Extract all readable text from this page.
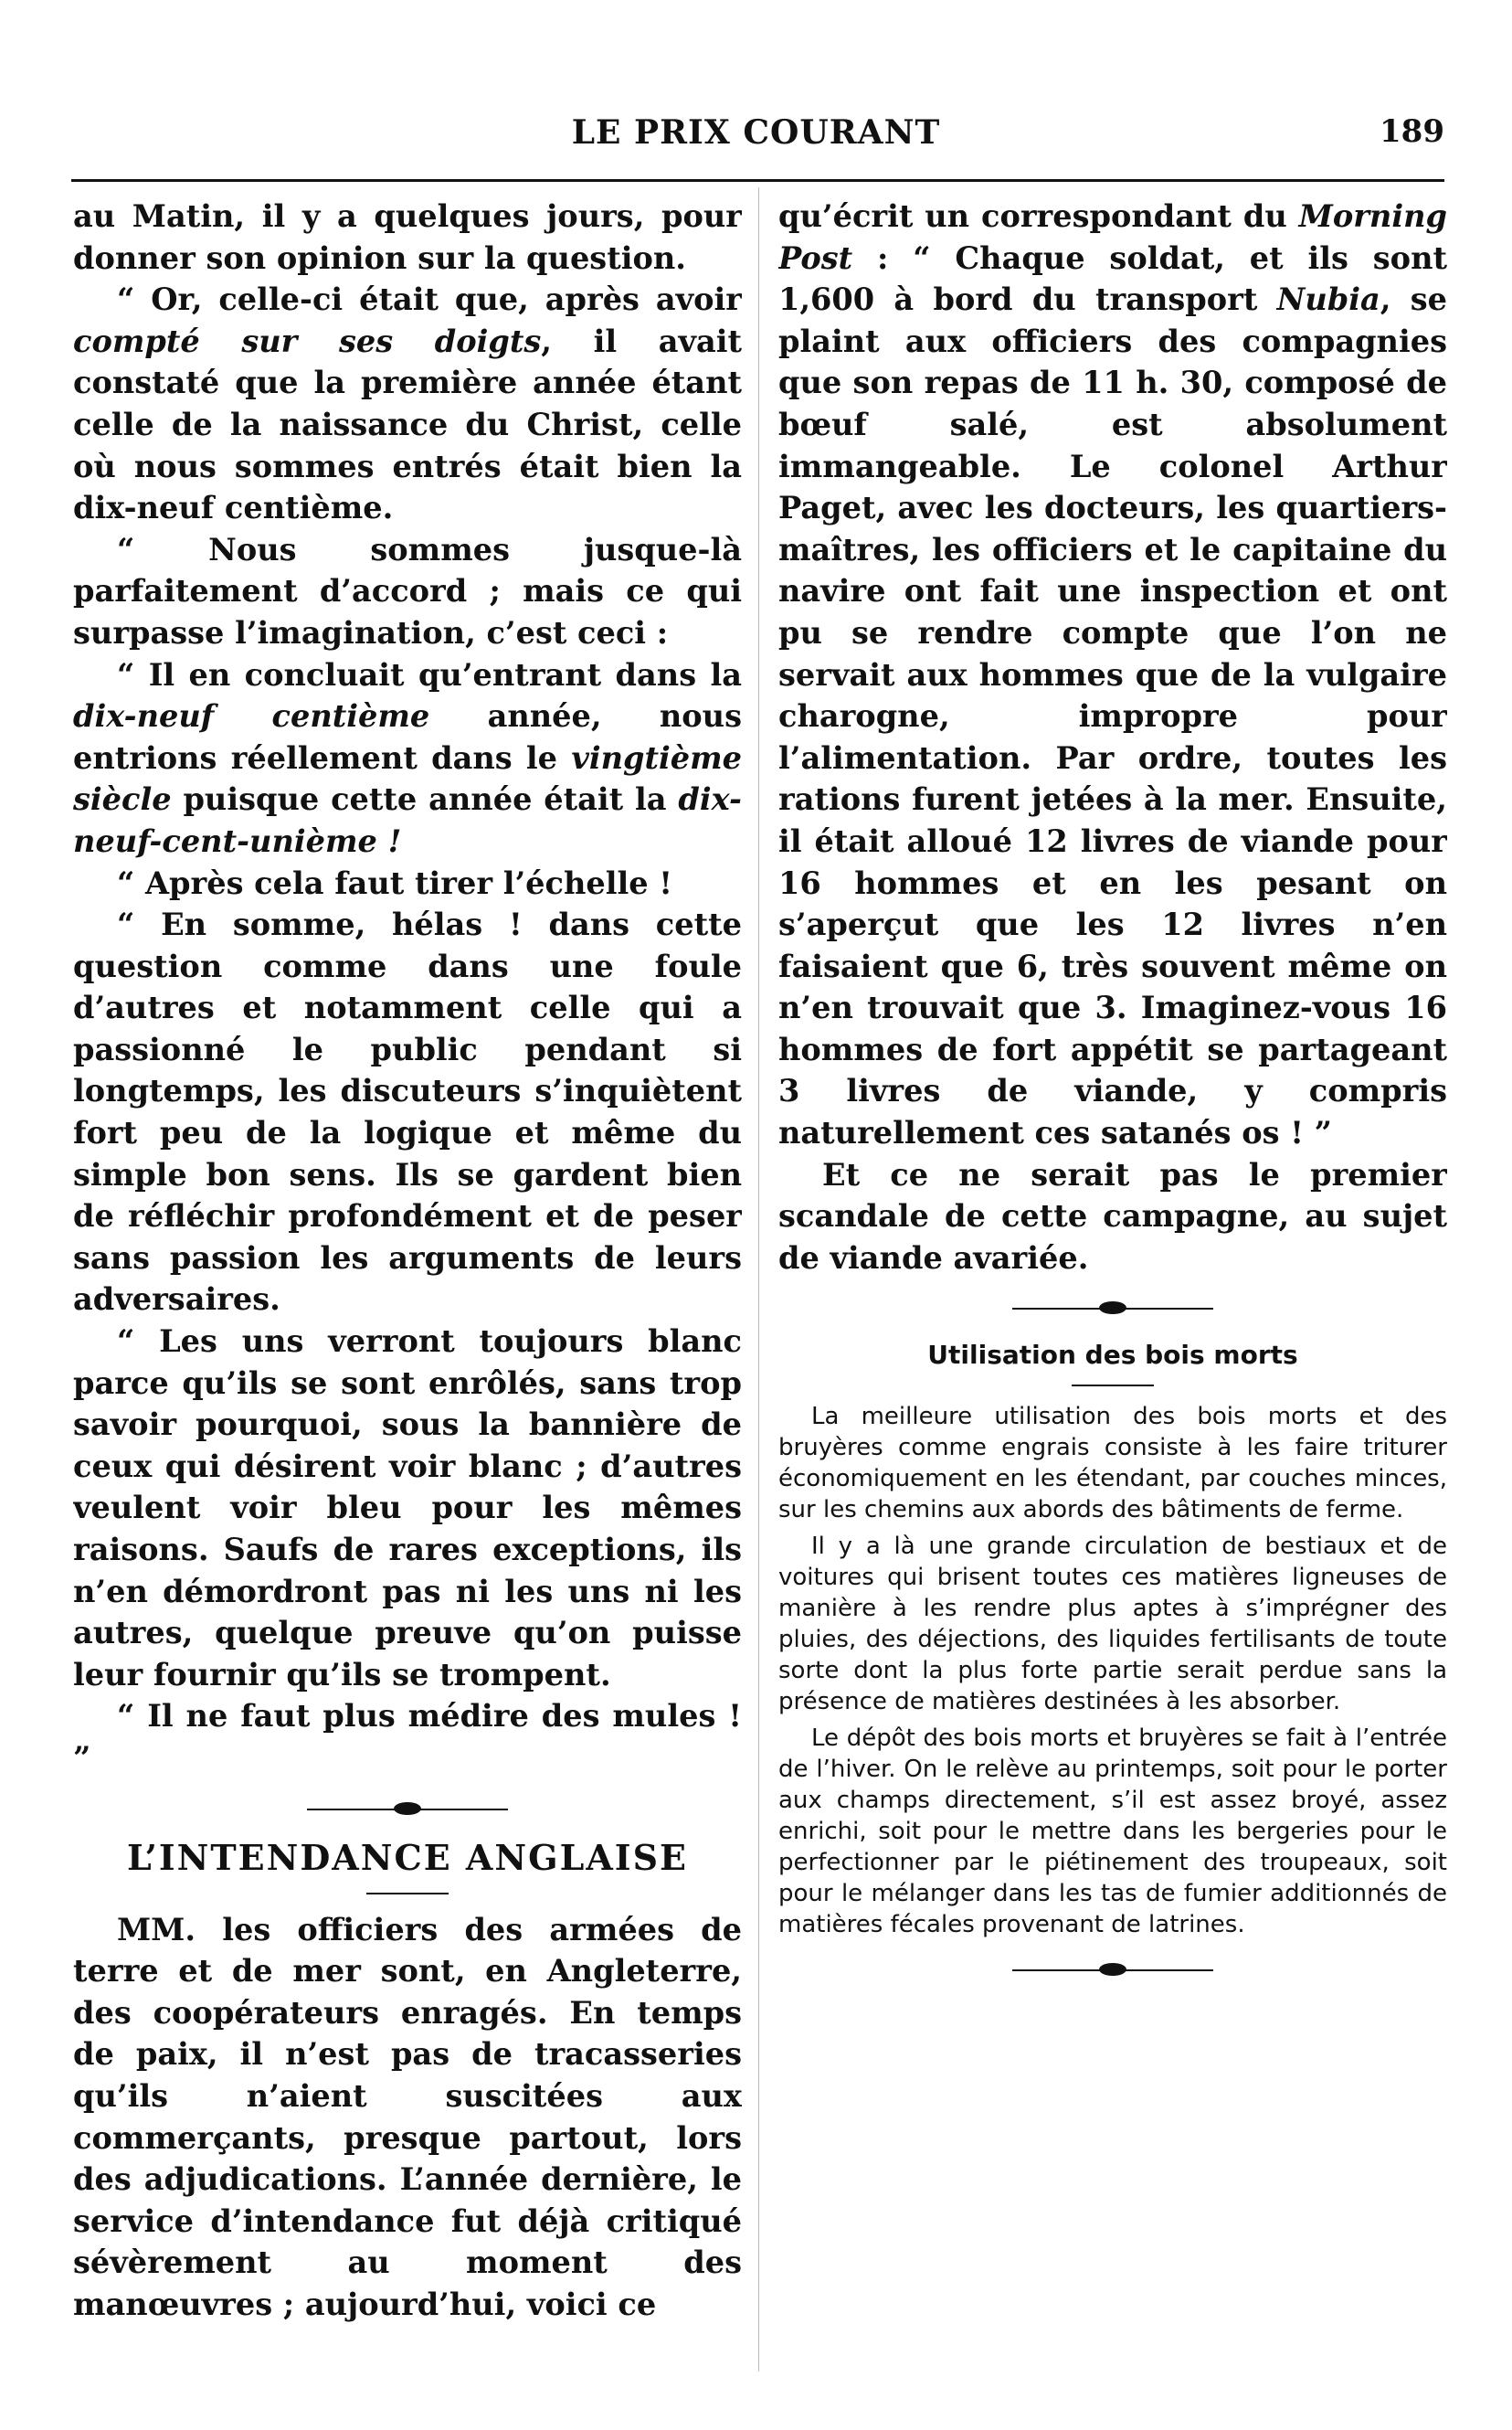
LE PRIX COURANT	189

au Matin, il y a quelques jours, pour donner son opinion sur la question.

“ Or, celle-ci était que, après avoir compté sur ses doigts, il avait constaté que la première année étant celle de la naissance du Christ, celle où nous sommes entrés était bien la dix-neuf centième.

“ Nous sommes jusque-là parfaitement d’accord ; mais ce qui surpasse l’imagination, c’est ceci :

“ Il en concluait qu’entrant dans la dix-neuf centième année, nous entrions réellement dans le vingtième siècle puisque cette année était la dix-neuf-cent-unième !

“ Après cela faut tirer l’échelle !

“ En somme, hélas ! dans cette question comme dans une foule d’autres et notamment celle qui a passionné le public pendant si longtemps, les discuteurs s’inquiètent fort peu de la logique et même du simple bon sens. Ils se gardent bien de réfléchir profondément et de peser sans passion les arguments de leurs adversaires.

“ Les uns verront toujours blanc parce qu’ils se sont enrôlés, sans trop savoir pourquoi, sous la bannière de ceux qui désirent voir blanc ; d’autres veulent voir bleu pour les mêmes raisons. Saufs de rares exceptions, ils n’en démordront pas ni les uns ni les autres, quelque preuve qu’on puisse leur fournir qu’ils se trompent.

“ Il ne faut plus médire des mules ! ”

L’INTENDANCE ANGLAISE

MM. les officiers des armées de terre et de mer sont, en Angleterre, des coopérateurs enragés. En temps de paix, il n’est pas de tracasseries qu’ils n’aient suscitées aux commerçants, presque partout, lors des adjudications. L’année dernière, le service d’intendance fut déjà critiqué sévèrement au moment des manœuvres ; aujourd’hui, voici ce

qu’écrit un correspondant du Morning Post : “ Chaque soldat, et ils sont 1,600 à bord du transport Nubia, se plaint aux officiers des compagnies que son repas de 11 h. 30, composé de bœuf salé, est absolument immangeable. Le colonel Arthur Paget, avec les docteurs, les quartiers-maîtres, les officiers et le capitaine du navire ont fait une inspection et ont pu se rendre compte que l’on ne servait aux hommes que de la vulgaire charogne, impropre pour l’alimentation. Par ordre, toutes les rations furent jetées à la mer. Ensuite, il était alloué 12 livres de viande pour 16 hommes et en les pesant on s’aperçut que les 12 livres n’en faisaient que 6, très souvent même on n’en trouvait que 3. Imaginez-vous 16 hommes de fort appétit se partageant 3 livres de viande, y compris naturellement ces satanés os ! ”

Et ce ne serait pas le premier scandale de cette campagne, au sujet de viande avariée.

Utilisation des bois morts

La meilleure utilisation des bois morts et des bruyères comme engrais consiste à les faire triturer économiquement en les étendant, par couches minces, sur les chemins aux abords des bâtiments de ferme.

Il y a là une grande circulation de bestiaux et de voitures qui brisent toutes ces matières ligneuses de manière à les rendre plus aptes à s’imprégner des pluies, des déjections, des liquides fertilisants de toute sorte dont la plus forte partie serait perdue sans la présence de matières destinées à les absorber.

Le dépôt des bois morts et bruyères se fait à l’entrée de l’hiver. On le relève au printemps, soit pour le porter aux champs directement, s’il est assez broyé, assez enrichi, soit pour le mettre dans les bergeries pour le perfectionner par le piétinement des troupeaux, soit pour le mélanger dans les tas de fumier additionnés de matières fécales provenant de latrines.
